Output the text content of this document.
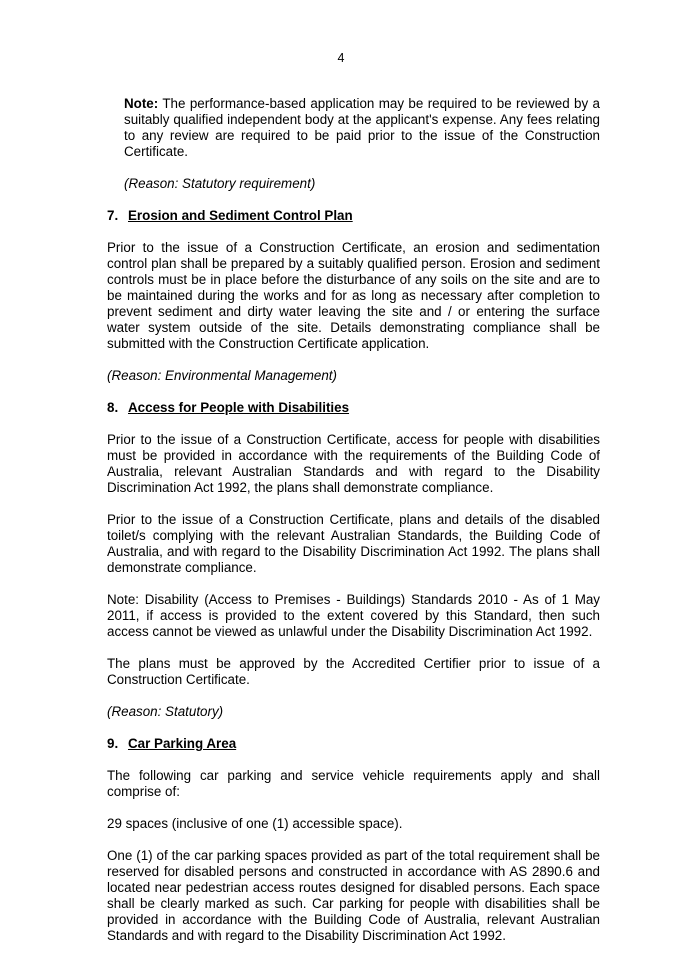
4

Note: The performance-based application may be required to be reviewed by a suitably qualified independent body at the applicant's expense. Any fees relating to any review are required to be paid prior to the issue of the Construction Certificate.

(Reason: Statutory requirement)

7. Erosion and Sediment Control Plan

Prior to the issue of a Construction Certificate, an erosion and sedimentation control plan shall be prepared by a suitably qualified person. Erosion and sediment controls must be in place before the disturbance of any soils on the site and are to be maintained during the works and for as long as necessary after completion to prevent sediment and dirty water leaving the site and / or entering the surface water system outside of the site. Details demonstrating compliance shall be submitted with the Construction Certificate application.

(Reason: Environmental Management)

8. Access for People with Disabilities

Prior to the issue of a Construction Certificate, access for people with disabilities must be provided in accordance with the requirements of the Building Code of Australia, relevant Australian Standards and with regard to the Disability Discrimination Act 1992, the plans shall demonstrate compliance.

Prior to the issue of a Construction Certificate, plans and details of the disabled toilet/s complying with the relevant Australian Standards, the Building Code of Australia, and with regard to the Disability Discrimination Act 1992. The plans shall demonstrate compliance.

Note: Disability (Access to Premises - Buildings) Standards 2010 - As of 1 May 2011, if access is provided to the extent covered by this Standard, then such access cannot be viewed as unlawful under the Disability Discrimination Act 1992.

The plans must be approved by the Accredited Certifier prior to issue of a Construction Certificate.

(Reason: Statutory)

9. Car Parking Area

The following car parking and service vehicle requirements apply and shall comprise of:

29 spaces (inclusive of one (1) accessible space).

One (1) of the car parking spaces provided as part of the total requirement shall be reserved for disabled persons and constructed in accordance with AS 2890.6 and located near pedestrian access routes designed for disabled persons. Each space shall be clearly marked as such. Car parking for people with disabilities shall be provided in accordance with the Building Code of Australia, relevant Australian Standards and with regard to the Disability Discrimination Act 1992.
